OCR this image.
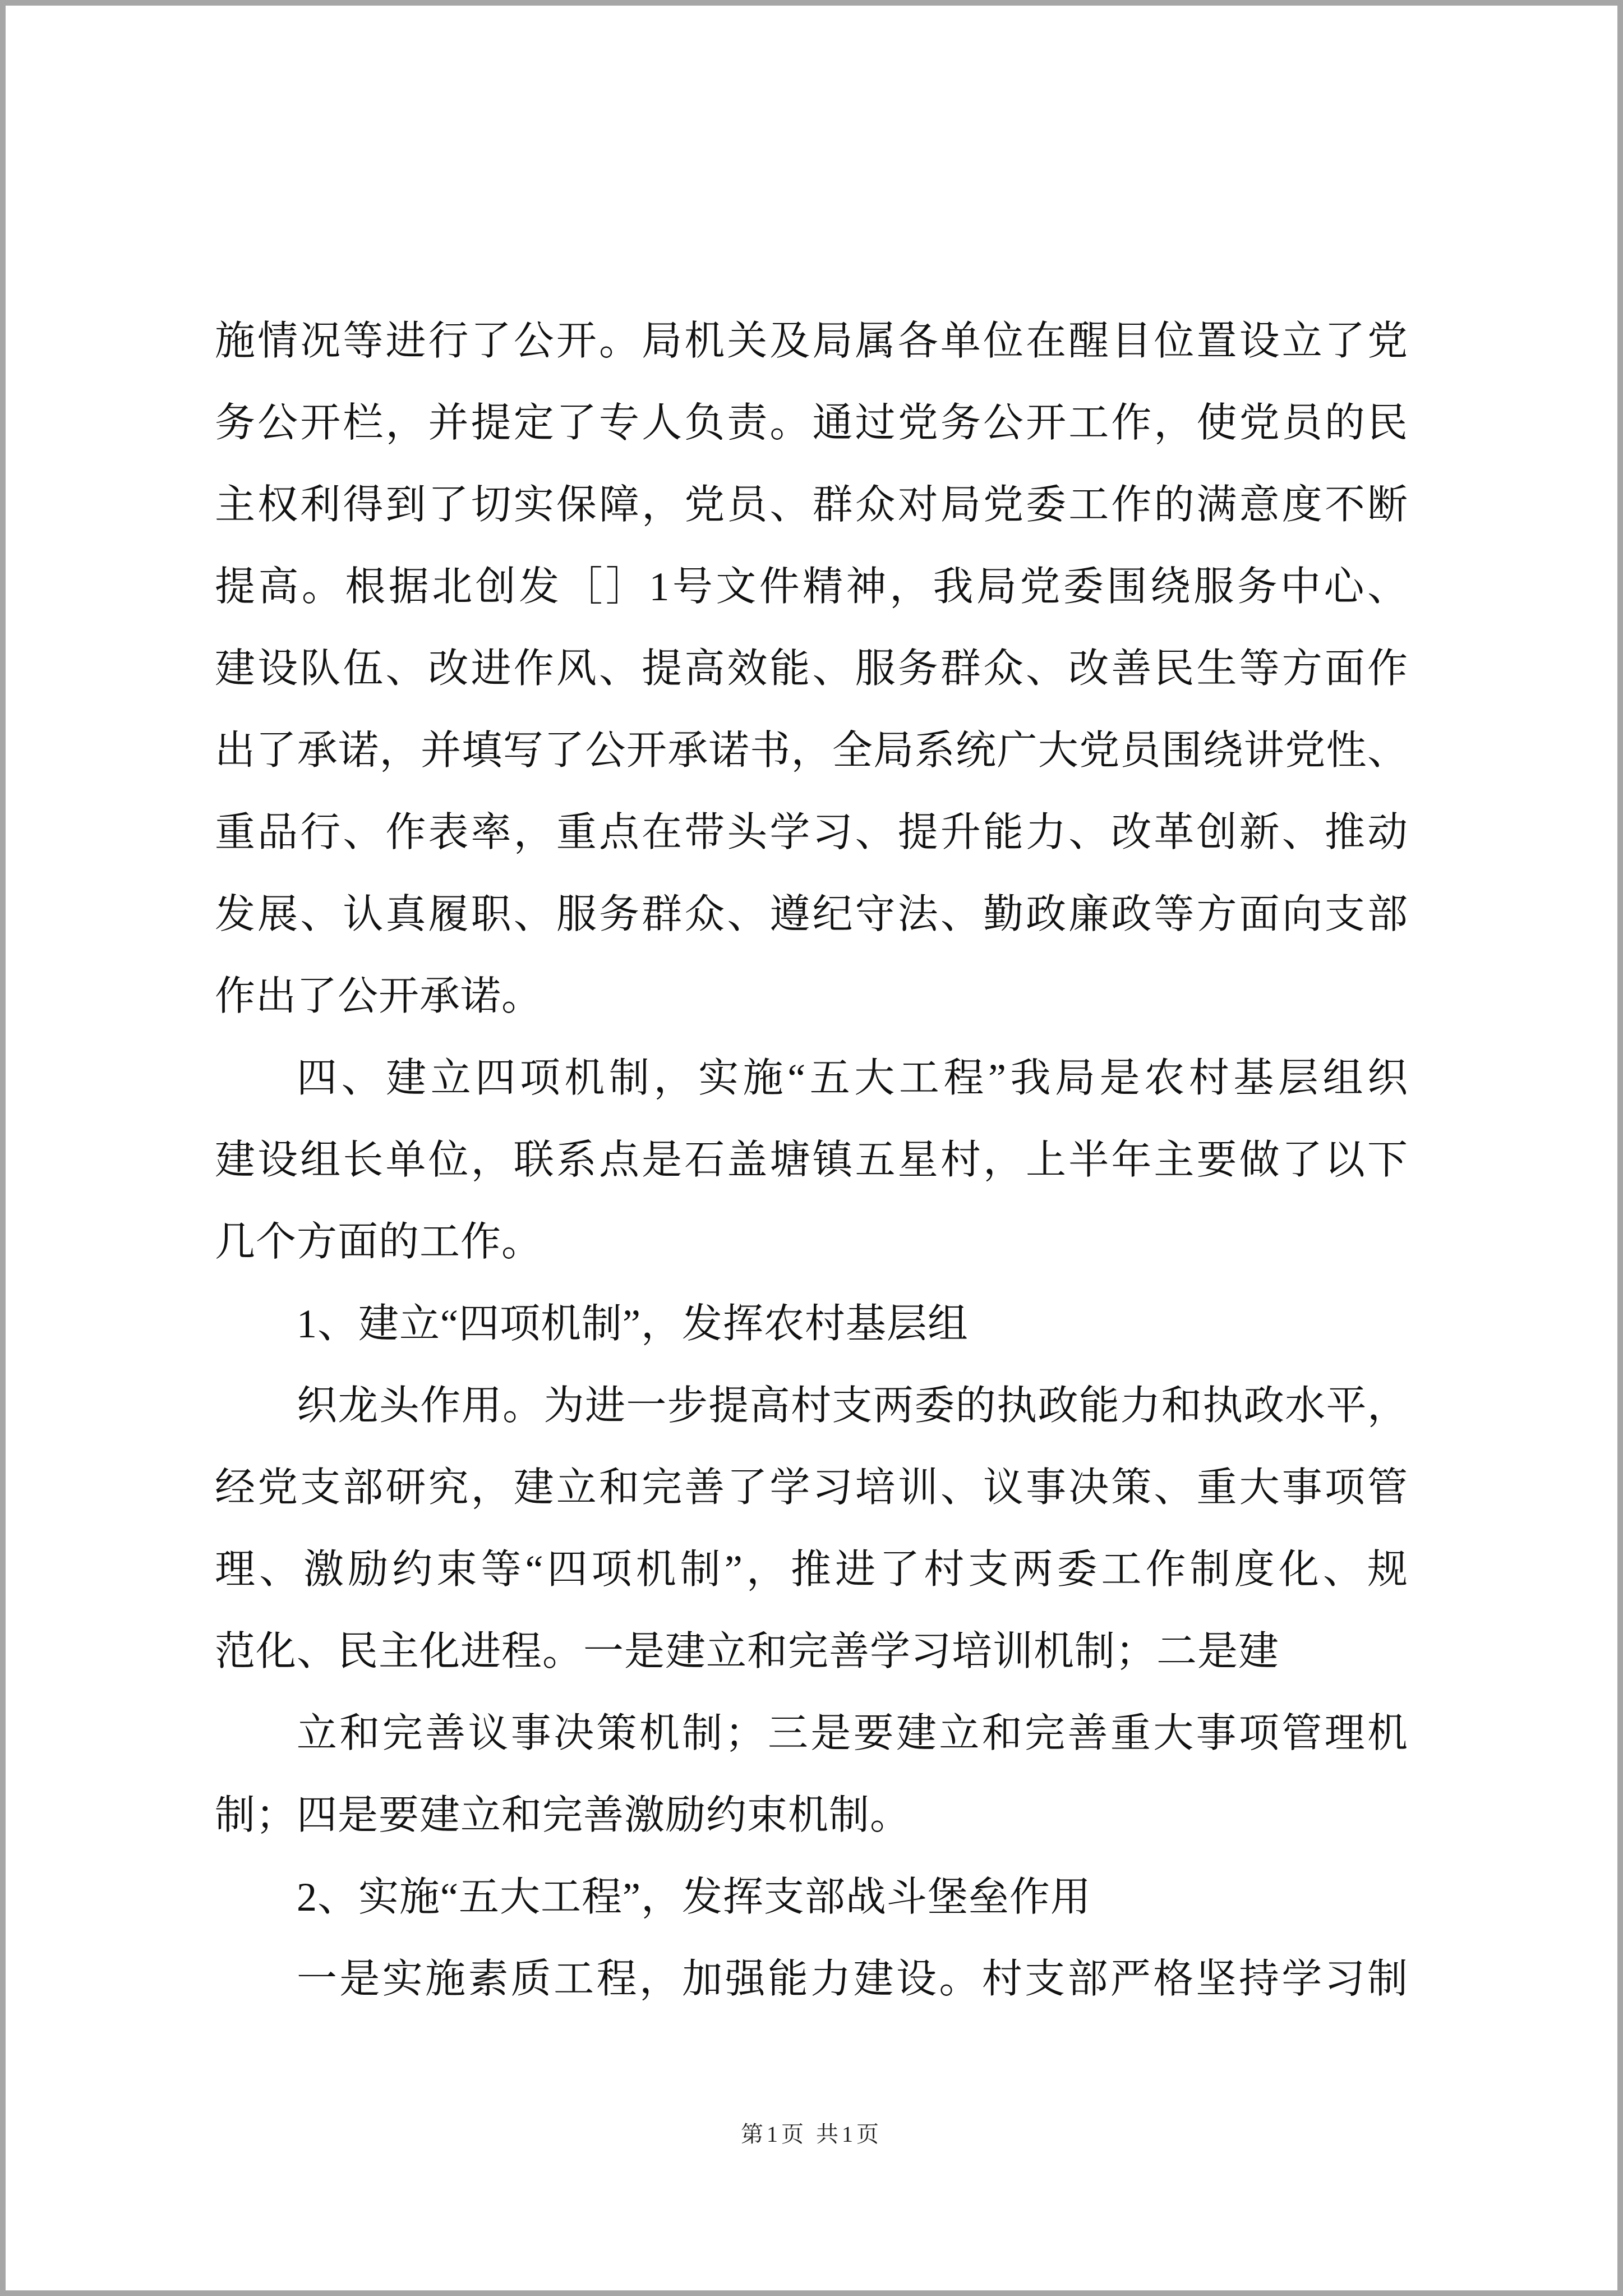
施情况等进行了公开。局机关及局属各单位在醒目位置设立了党
务公开栏，并提定了专人负责。通过党务公开工作，使党员的民
主权利得到了切实保障，党员、群众对局党委工作的满意度不断
提高。根据北创发［］1号文件精神，我局党委围绕服务中心、
建设队伍、改进作风、提高效能、服务群众、改善民生等方面作
出了承诺，并填写了公开承诺书，全局系统广大党员围绕讲党性、
重品行、作表率，重点在带头学习、提升能力、改革创新、推动
发展、认真履职、服务群众、遵纪守法、勤政廉政等方面向支部
作出了公开承诺。
四、建立四项机制，实施“五大工程”我局是农村基层组织
建设组长单位，联系点是石盖塘镇五星村，上半年主要做了以下
几个方面的工作。
1、建立“四项机制”，发挥农村基层组
织龙头作用。为进一步提高村支两委的执政能力和执政水平，
经党支部研究，建立和完善了学习培训、议事决策、重大事项管
理、激励约束等“四项机制”，推进了村支两委工作制度化、规
范化、民主化进程。一是建立和完善学习培训机制；二是建
立和完善议事决策机制；三是要建立和完善重大事项管理机
制；四是要建立和完善激励约束机制。
2、实施“五大工程”，发挥支部战斗堡垒作用
一是实施素质工程，加强能力建设。村支部严格坚持学习制
第1页 共1页
